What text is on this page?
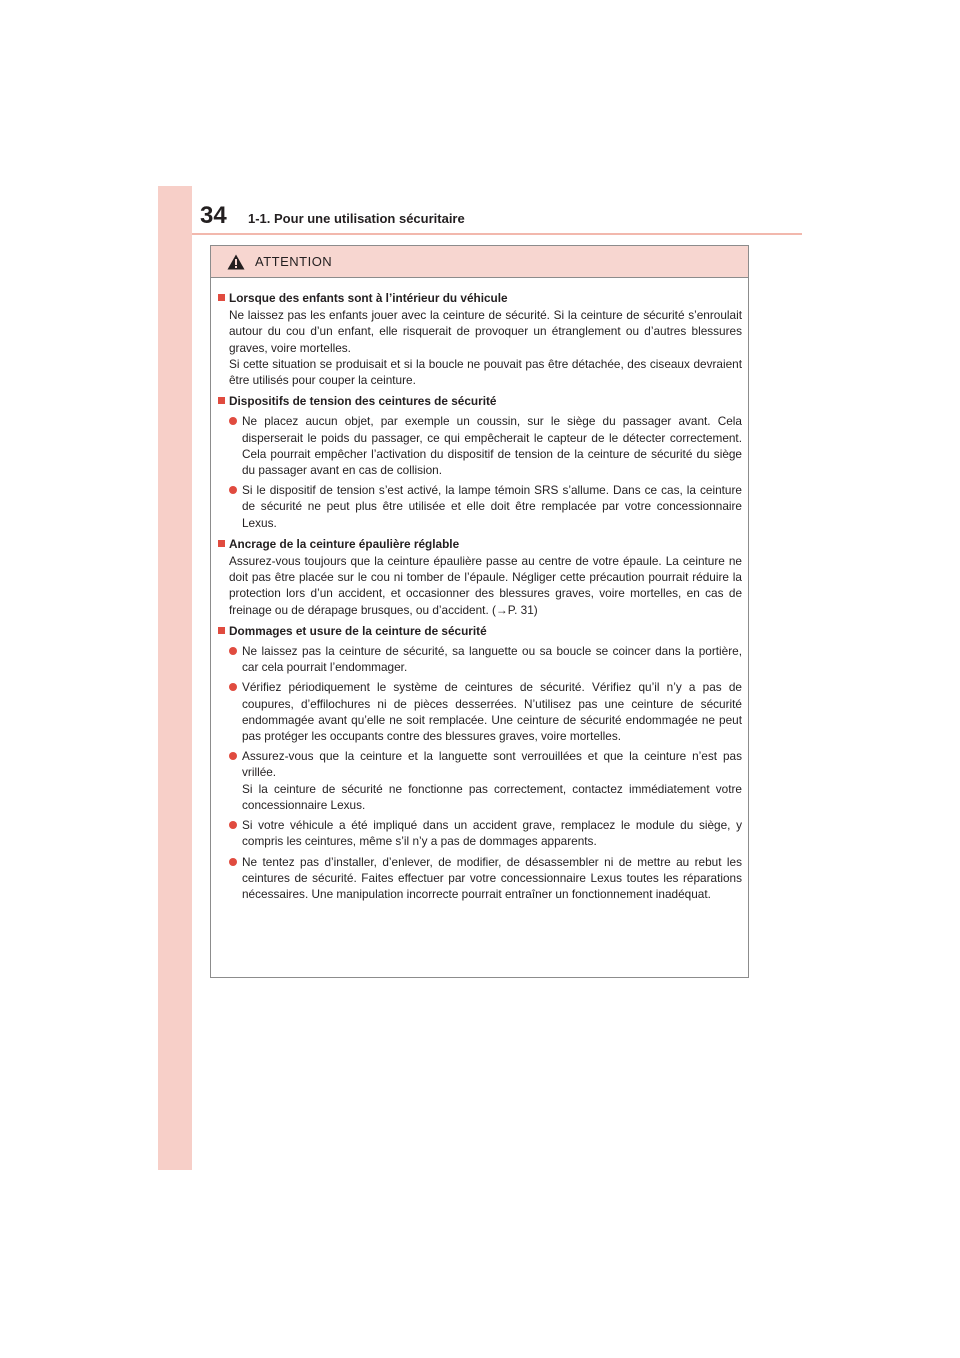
34 1-1. Pour une utilisation sécuritaire
ATTENTION
Lorsque des enfants sont à l’intérieur du véhicule
Ne laissez pas les enfants jouer avec la ceinture de sécurité. Si la ceinture de sécurité s’enroulait autour du cou d’un enfant, elle risquerait de provoquer un étranglement ou d’autres blessures graves, voire mortelles.
Si cette situation se produisait et si la boucle ne pouvait pas être détachée, des ciseaux devraient être utilisés pour couper la ceinture.
Dispositifs de tension des ceintures de sécurité
Ne placez aucun objet, par exemple un coussin, sur le siège du passager avant. Cela disperserait le poids du passager, ce qui empêcherait le capteur de le détecter correctement. Cela pourrait empêcher l’activation du dispositif de tension de la ceinture de sécurité du siège du passager avant en cas de collision.
Si le dispositif de tension s’est activé, la lampe témoin SRS s’allume. Dans ce cas, la ceinture de sécurité ne peut plus être utilisée et elle doit être remplacée par votre concessionnaire Lexus.
Ancrage de la ceinture épaulière réglable
Assurez-vous toujours que la ceinture épaulière passe au centre de votre épaule. La ceinture ne doit pas être placée sur le cou ni tomber de l’épaule. Négliger cette précaution pourrait réduire la protection lors d’un accident, et occasionner des blessures graves, voire mortelles, en cas de freinage ou de dérapage brusques, ou d’accident. (→P. 31)
Dommages et usure de la ceinture de sécurité
Ne laissez pas la ceinture de sécurité, sa languette ou sa boucle se coincer dans la portière, car cela pourrait l’endommager.
Vérifiez périodiquement le système de ceintures de sécurité. Vérifiez qu’il n’y a pas de coupures, d’effilochures ni de pièces desserrées. N’utilisez pas une ceinture de sécurité endommagée avant qu’elle ne soit remplacée. Une ceinture de sécurité endommagée ne peut pas protéger les occupants contre des blessures graves, voire mortelles.
Assurez-vous que la ceinture et la languette sont verrouillées et que la ceinture n’est pas vrillée.
Si la ceinture de sécurité ne fonctionne pas correctement, contactez immédiatement votre concessionnaire Lexus.
Si votre véhicule a été impliqué dans un accident grave, remplacez le module du siège, y compris les ceintures, même s’il n’y a pas de dommages apparents.
Ne tentez pas d’installer, d’enlever, de modifier, de désassembler ni de mettre au rebut les ceintures de sécurité. Faites effectuer par votre concessionnaire Lexus toutes les réparations nécessaires. Une manipulation incorrecte pourrait entraîner un fonctionnement inadéquat.
